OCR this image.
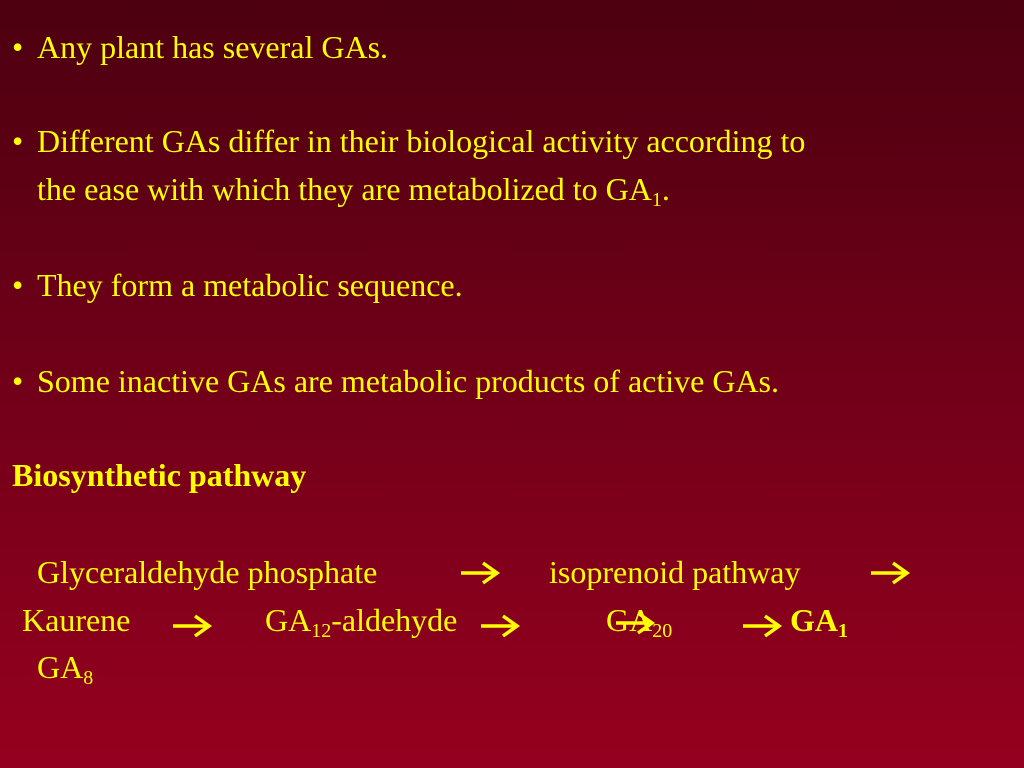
• Any plant has several GAs.
• Different GAs differ in their biological activity according to
the ease with which they are metabolized to $GA_1$.
• They form a metabolic sequence.
• Some inactive GAs are metabolic products of active GAs.
Biosynthetic pathway
Glyceraldehyde phosphate	isoprenoid pathway
Kaurene	$GA_{12}$-aldehyde	$GA_{20}$	$GA_1$
$GA_8$
